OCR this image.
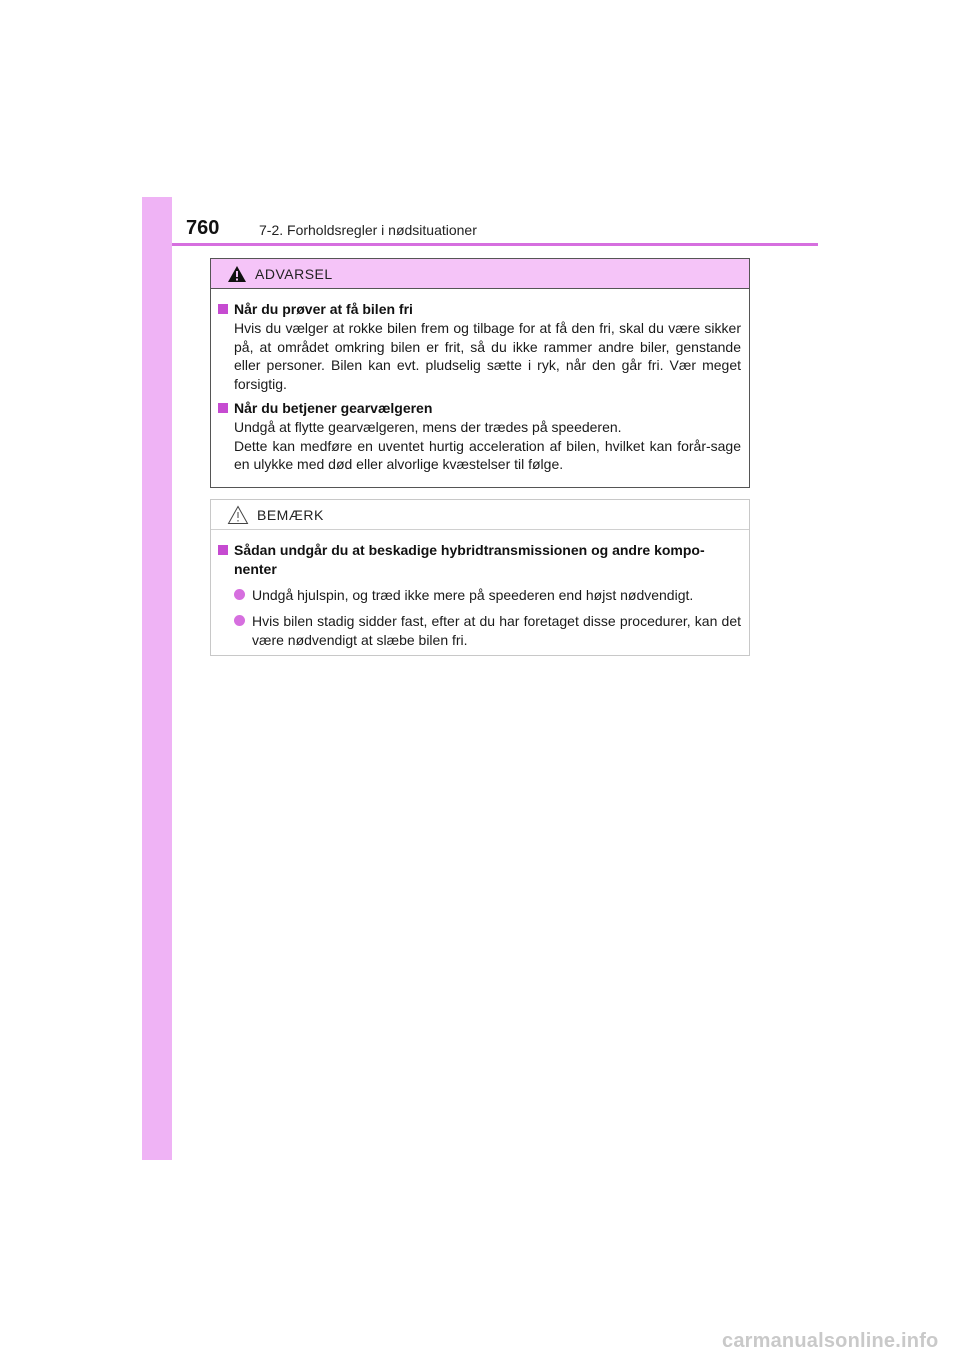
760	7-2. Forholdsregler i nødsituationer
ADVARSEL
Når du prøver at få bilen fri
Hvis du vælger at rokke bilen frem og tilbage for at få den fri, skal du være sikker på, at området omkring bilen er frit, så du ikke rammer andre biler, genstande eller personer. Bilen kan evt. pludselig sætte i ryk, når den går fri. Vær meget forsigtig.
Når du betjener gearvælgeren
Undgå at flytte gearvælgeren, mens der trædes på speederen.
Dette kan medføre en uventet hurtig acceleration af bilen, hvilket kan forår-sage en ulykke med død eller alvorlige kvæstelser til følge.
BEMÆRK
Sådan undgår du at beskadige hybridtransmissionen og andre kompo-nenter
Undgå hjulspin, og træd ikke mere på speederen end højst nødvendigt.
Hvis bilen stadig sidder fast, efter at du har foretaget disse procedurer, kan det være nødvendigt at slæbe bilen fri.
carmanualsonline.info
